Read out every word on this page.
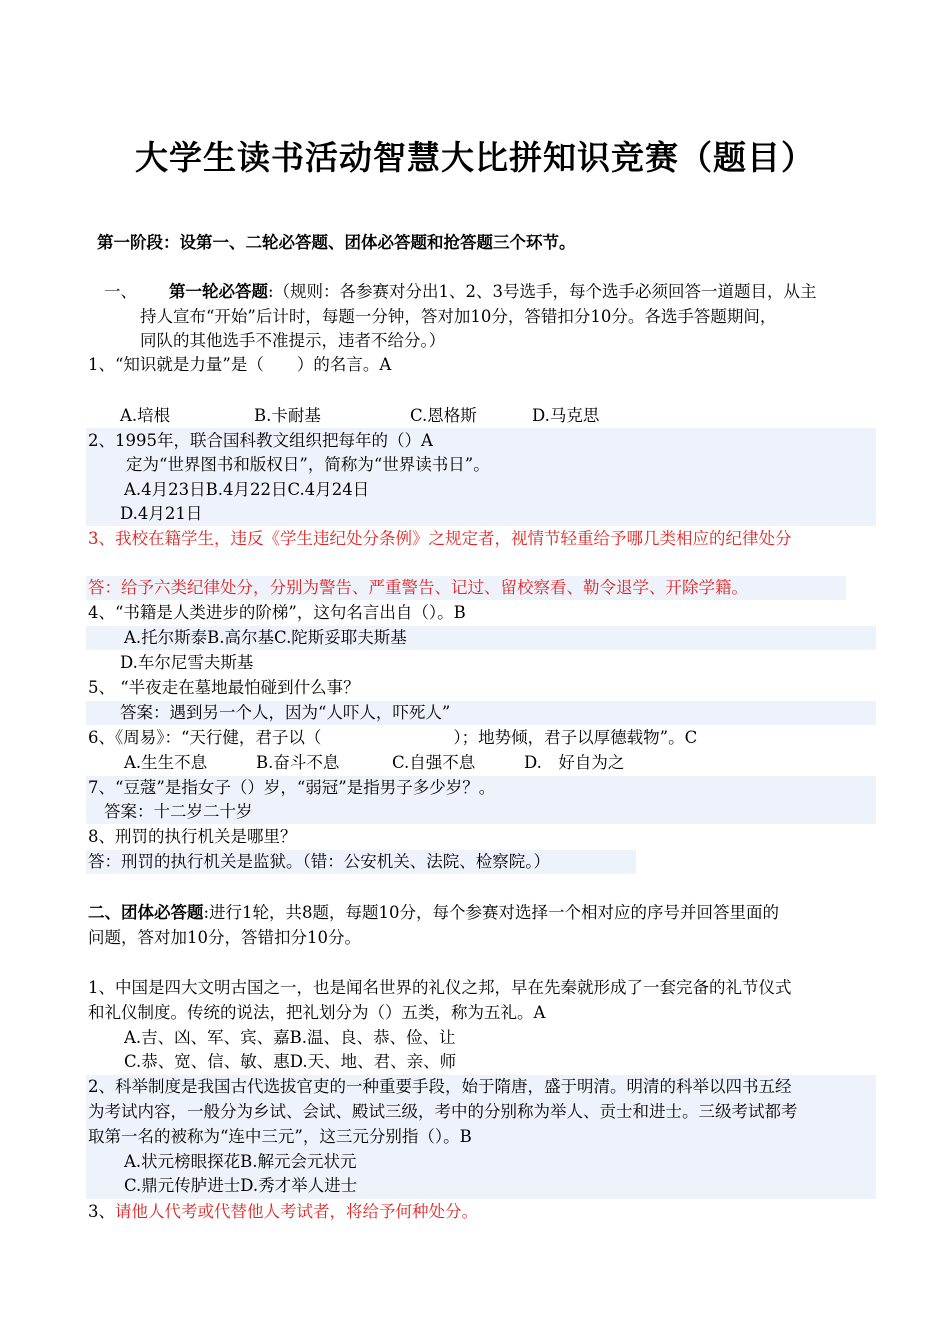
大学生读书活动智慧大比拼知识竞赛（题目）
第一阶段：设第一、二轮必答题、团体必答题和抢答题三个环节。
一、 第一轮必答题:（规则：各参赛对分出1、2、3号选手，每个选手必须回答一道题目，从主
持人宣布“开始”后计时，每题一分钟，答对加10分，答错扣分10分。各选手答题期间，
同队的其他选手不准提示，违者不给分。）
1、“知识就是力量”是（　　）的名言。A
A.培根	B.卡耐基	C.恩格斯	D.马克思
2、1995年，联合国科教文组织把每年的（）A
定为“世界图书和版权日”，简称为“世界读书日”。
A.4月23日B.4月22日C.4月24日
D.4月21日
3、我校在籍学生，违反《学生违纪处分条例》之规定者，视情节轻重给予哪几类相应的纪律处分
答：给予六类纪律处分，分别为警告、严重警告、记过、留校察看、勒令退学、开除学籍。
4、“书籍是人类进步的阶梯”，这句名言出自（）。B
A.托尔斯泰B.高尔基C.陀斯妥耶夫斯基
D.车尔尼雪夫斯基
5、 “半夜走在墓地最怕碰到什么事？
答案：遇到另一个人，因为“人吓人，吓死人”
6、《周易》：“天行健，君子以（　　　　　　　　）；地势倾，君子以厚德载物”。C
A.生生不息	B.奋斗不息	C.自强不息	D.　好自为之
7、“豆蔻”是指女子（）岁，“弱冠”是指男子多少岁？。
答案：十二岁二十岁
8、刑罚的执行机关是哪里？
答：刑罚的执行机关是监狱。（错：公安机关、法院、检察院。）
二、团体必答题:进行1轮，共8题，每题10分，每个参赛对选择一个相对应的序号并回答里面的
问题，答对加10分，答错扣分10分。
1、中国是四大文明古国之一，也是闻名世界的礼仪之邦，早在先秦就形成了一套完备的礼节仪式
和礼仪制度。传统的说法，把礼划分为（）五类，称为五礼。A
A.吉、凶、军、宾、嘉B.温、良、恭、俭、让
C.恭、宽、信、敏、惠D.天、地、君、亲、师
2、科举制度是我国古代选拔官吏的一种重要手段，始于隋唐，盛于明清。明清的科举以四书五经
为考试内容，一般分为乡试、会试、殿试三级，考中的分别称为举人、贡士和进士。三级考试都考
取第一名的被称为“连中三元”，这三元分别指（）。B
A.状元榜眼探花B.解元会元状元
C.鼎元传胪进士D.秀才举人进士
3、请他人代考或代替他人考试者，将给予何种处分。
